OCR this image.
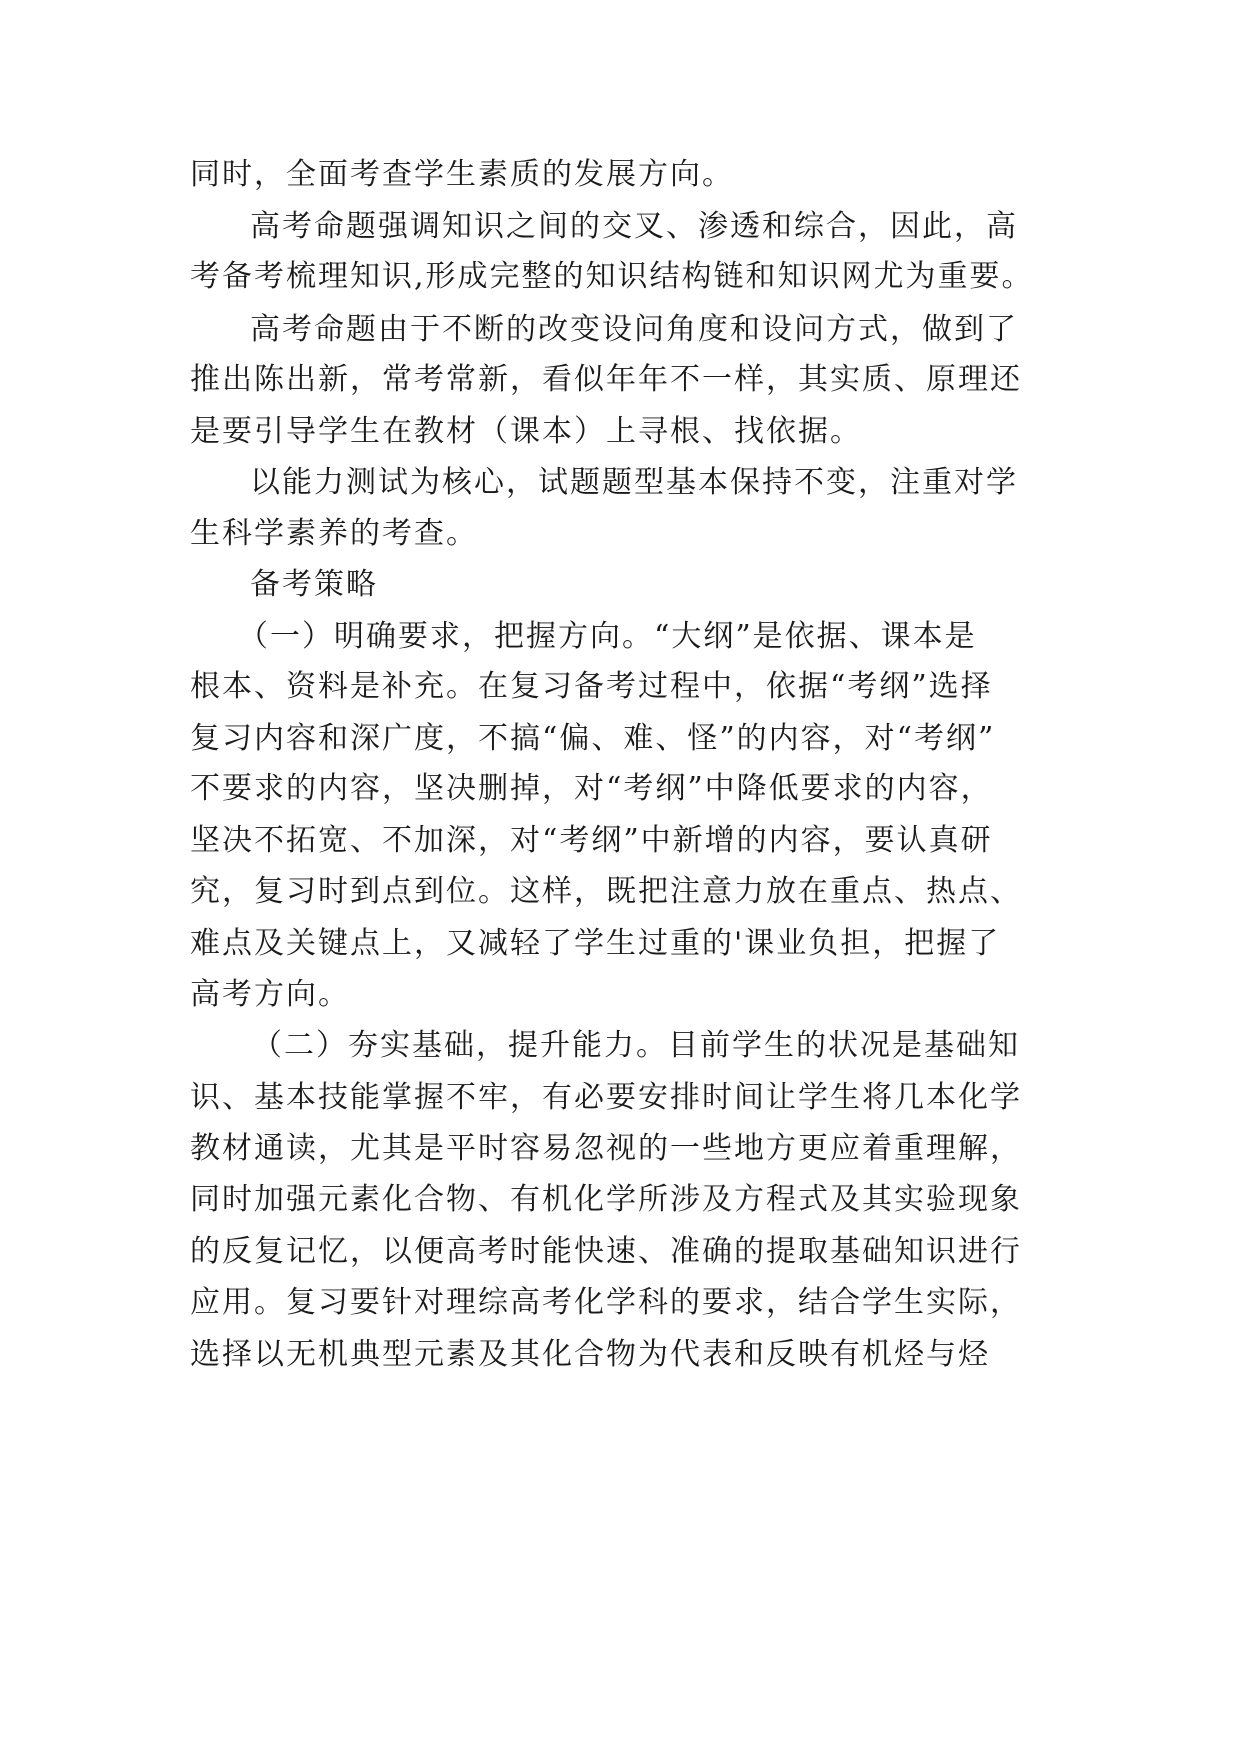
同时，全面考查学生素质的发展方向。
高考命题强调知识之间的交叉、渗透和综合，因此，高
考备考梳理知识,形成完整的知识结构链和知识网尤为重要。
高考命题由于不断的改变设问角度和设问方式，做到了
推出陈出新，常考常新，看似年年不一样，其实质、原理还
是要引导学生在教材（课本）上寻根、找依据。
以能力测试为核心，试题题型基本保持不变，注重对学
生科学素养的考查。
备考策略
（一）明确要求，把握方向。“大纲”是依据、课本是
根本、资料是补充。在复习备考过程中，依据“考纲”选择
复习内容和深广度，不搞“偏、难、怪”的内容，对“考纲”
不要求的内容，坚决删掉，对“考纲”中降低要求的内容，
坚决不拓宽、不加深，对“考纲”中新增的内容，要认真研
究，复习时到点到位。这样，既把注意力放在重点、热点、
难点及关键点上，又减轻了学生过重的'课业负担，把握了
高考方向。
（二）夯实基础，提升能力。目前学生的状况是基础知
识、基本技能掌握不牢，有必要安排时间让学生将几本化学
教材通读，尤其是平时容易忽视的一些地方更应着重理解，
同时加强元素化合物、有机化学所涉及方程式及其实验现象
的反复记忆，以便高考时能快速、准确的提取基础知识进行
应用。复习要针对理综高考化学科的要求，结合学生实际，
选择以无机典型元素及其化合物为代表和反映有机烃与烃
